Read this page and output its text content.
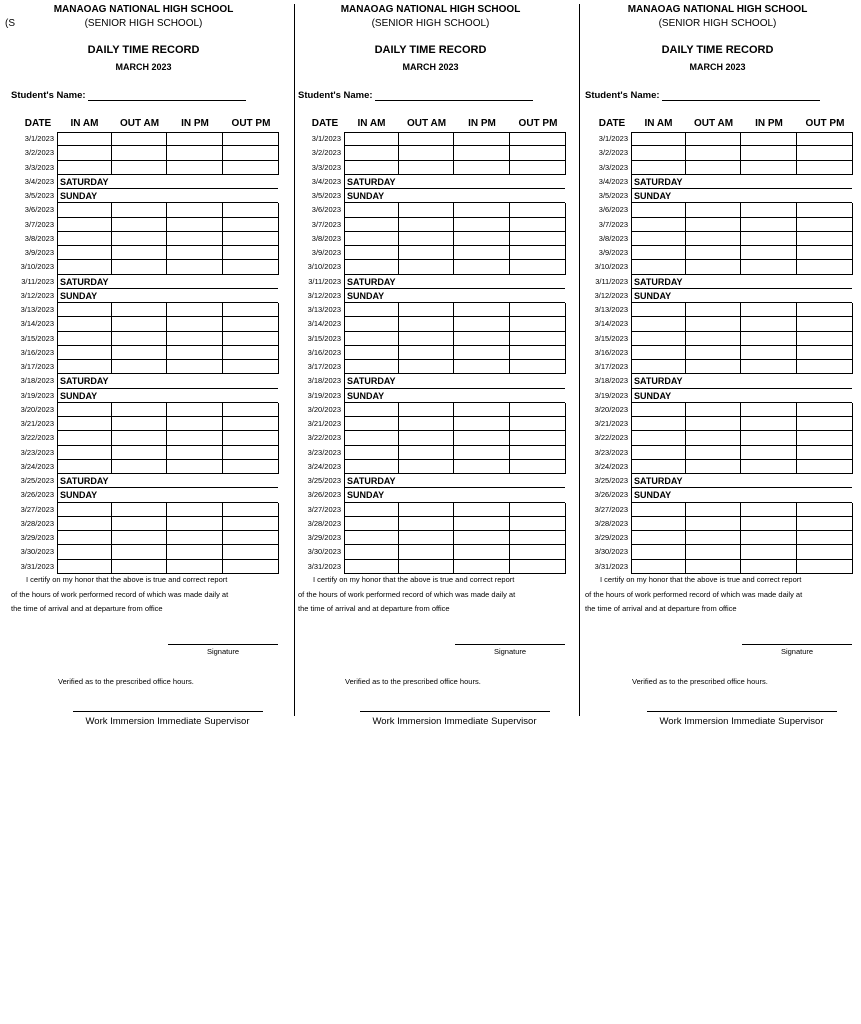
MANAOAG NATIONAL HIGH SCHOOL
(SENIOR HIGH SCHOOL)
DAILY TIME RECORD
MARCH 2023
Student's Name:
DATE	IN AM	OUT AM	IN PM	OUT PM
3/1/2023
3/2/2023
3/3/2023
3/4/2023 SATURDAY
3/5/2023 SUNDAY
3/6/2023
3/7/2023
3/8/2023
3/9/2023
3/10/2023
3/11/2023 SATURDAY
3/12/2023 SUNDAY
3/13/2023
3/14/2023
3/15/2023
3/16/2023
3/17/2023
3/18/2023 SATURDAY
3/19/2023 SUNDAY
3/20/2023
3/21/2023
3/22/2023
3/23/2023
3/24/2023
3/25/2023 SATURDAY
3/26/2023 SUNDAY
3/27/2023
3/28/2023
3/29/2023
3/30/2023
3/31/2023
I certify on my honor that the above is true and correct report
of the hours of work performed record of which was made daily at
the time of arrival and at departure from office
Signature
Verified as to the prescribed office hours.
Work Immersion Immediate Supervisor
(S
MANAOAG NATIONAL HIGH SCHOOL
(SENIOR HIGH SCHOOL)
DAILY TIME RECORD
MARCH 2023
Student's Name:
DATE	IN AM	OUT AM	IN PM	OUT PM
3/1/2023
3/2/2023
3/3/2023
3/4/2023 SATURDAY
3/5/2023 SUNDAY
3/6/2023
3/7/2023
3/8/2023
3/9/2023
3/10/2023
3/11/2023 SATURDAY
3/12/2023 SUNDAY
3/13/2023
3/14/2023
3/15/2023
3/16/2023
3/17/2023
3/18/2023 SATURDAY
3/19/2023 SUNDAY
3/20/2023
3/21/2023
3/22/2023
3/23/2023
3/24/2023
3/25/2023 SATURDAY
3/26/2023 SUNDAY
3/27/2023
3/28/2023
3/29/2023
3/30/2023
3/31/2023
I certify on my honor that the above is true and correct report
of the hours of work performed record of which was made daily at
the time of arrival and at departure from office
Signature
Verified as to the prescribed office hours.
Work Immersion Immediate Supervisor
MANAOAG NATIONAL HIGH SCHOOL
(SENIOR HIGH SCHOOL)
DAILY TIME RECORD
MARCH 2023
Student's Name:
DATE	IN AM	OUT AM	IN PM	OUT PM
3/1/2023
3/2/2023
3/3/2023
3/4/2023 SATURDAY
3/5/2023 SUNDAY
3/6/2023
3/7/2023
3/8/2023
3/9/2023
3/10/2023
3/11/2023 SATURDAY
3/12/2023 SUNDAY
3/13/2023
3/14/2023
3/15/2023
3/16/2023
3/17/2023
3/18/2023 SATURDAY
3/19/2023 SUNDAY
3/20/2023
3/21/2023
3/22/2023
3/23/2023
3/24/2023
3/25/2023 SATURDAY
3/26/2023 SUNDAY
3/27/2023
3/28/2023
3/29/2023
3/30/2023
3/31/2023
I certify on my honor that the above is true and correct report
of the hours of work performed record of which was made daily at
the time of arrival and at departure from office
Signature
Verified as to the prescribed office hours.
Work Immersion Immediate Supervisor
